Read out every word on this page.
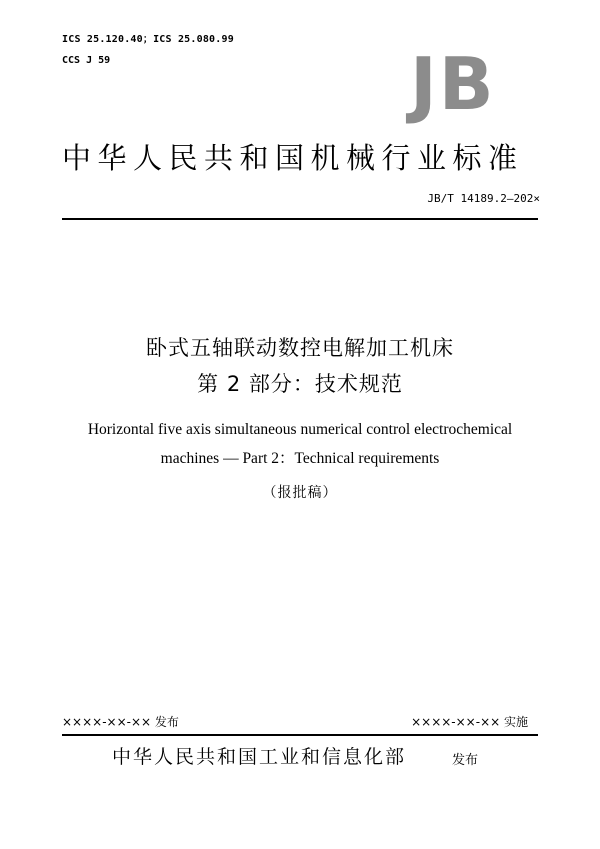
ICS 25.120.40；ICS 25.080.99
CCS J 59	JB
中华人民共和国机械行业标准
JB/T 14189.2—202×
卧式五轴联动数控电解加工机床
第 2 部分：技术规范
Horizontal five axis simultaneous numerical control electrochemical
machines — Part 2：Technical requirements
（报批稿）
××××-××-×× 发布	××××-××-×× 实施
中华人民共和国工业和信息化部	发布
